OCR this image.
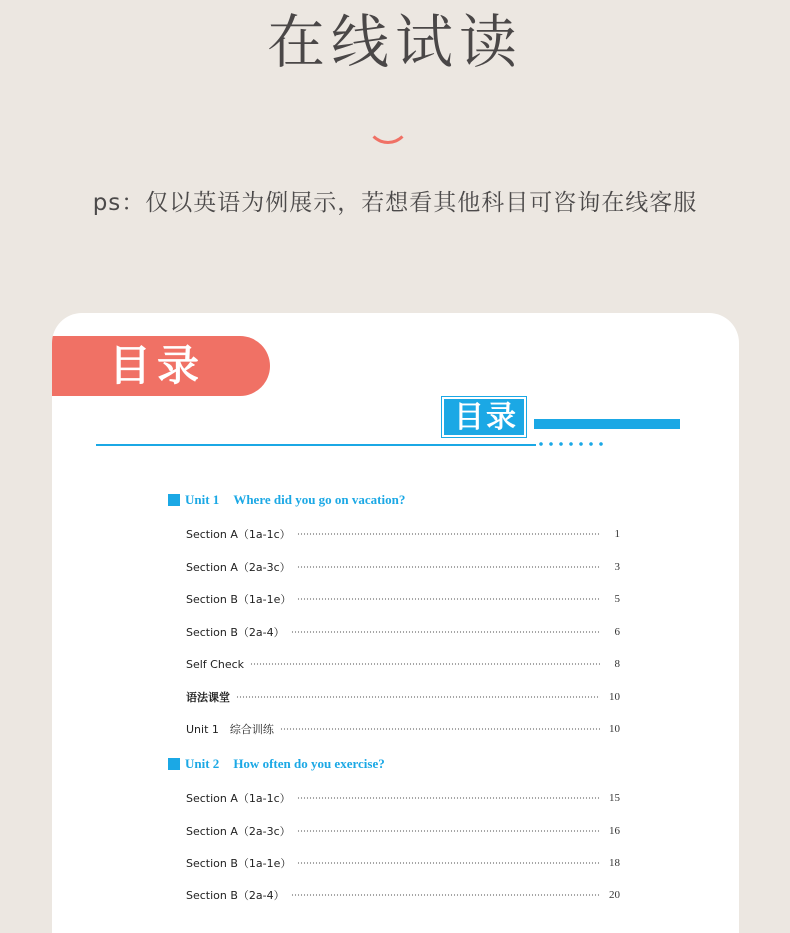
在线试读
ps：仅以英语为例展示，若想看其他科目可咨询在线客服
目录
目录
Unit 1 Where did you go on vacation?
Section A（1a-1c）	1
Section A（2a-3c）	3
Section B（1a-1e）	5
Section B（2a-4）	6
Self Check	8
语法课堂	10
Unit 1　综合训练	10
Unit 2 How often do you exercise?
Section A（1a-1c）	15
Section A（2a-3c）	16
Section B（1a-1e）	18
Section B（2a-4）	20
